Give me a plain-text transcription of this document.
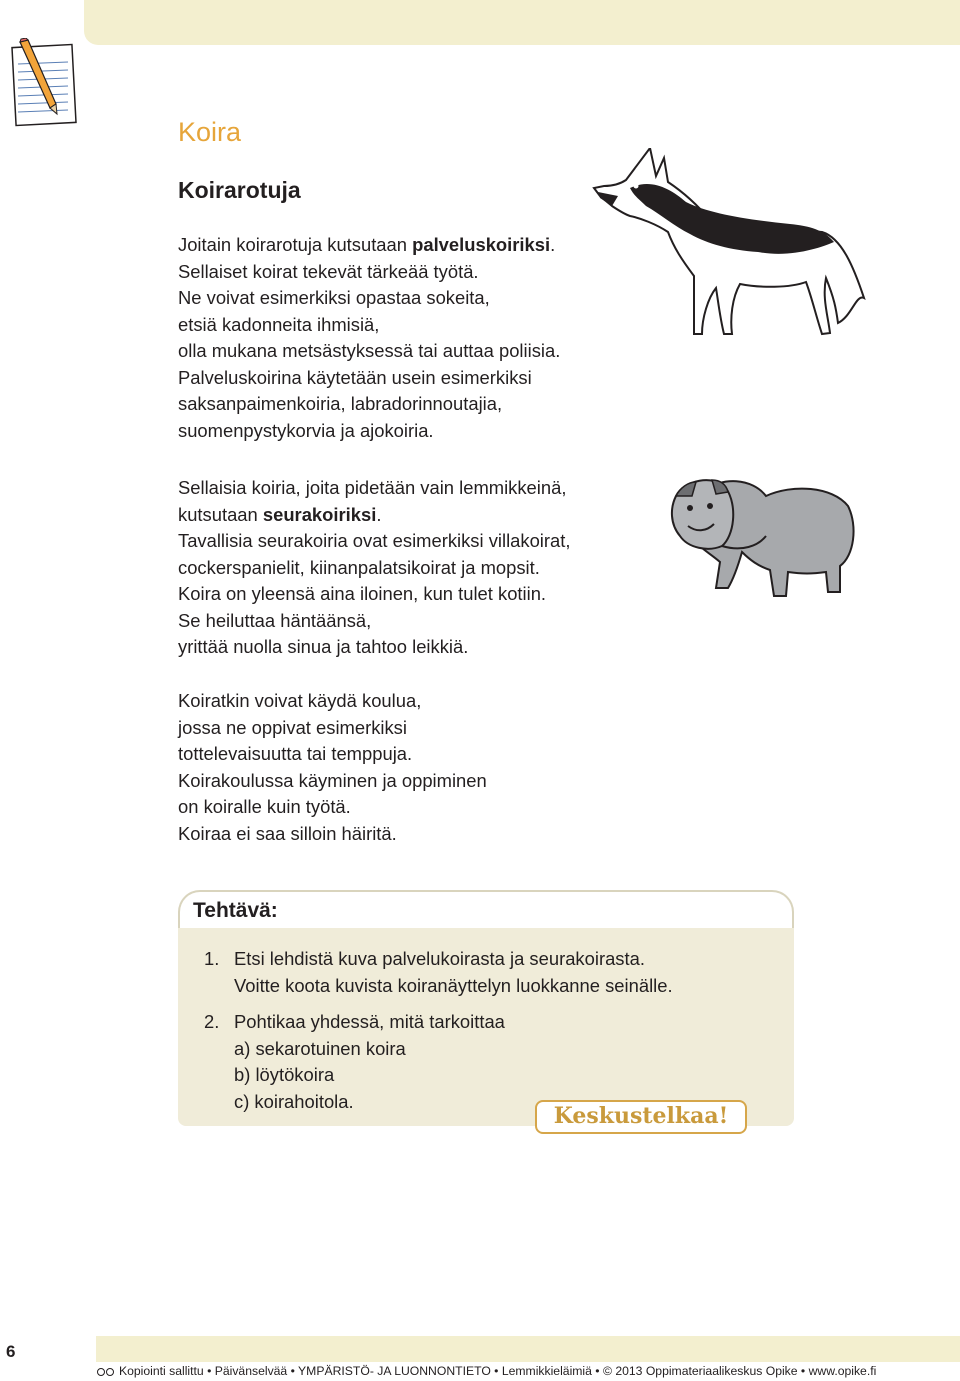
Koira
Koirarotuja
Joitain koirarotuja kutsutaan palveluskoiriksi.
Sellaiset koirat tekevät tärkeää työtä.
Ne voivat esimerkiksi opastaa sokeita,
etsiä kadonneita ihmisiä,
olla mukana metsästyksessä tai auttaa poliisia.
Palveluskoirina käytetään usein esimerkiksi
saksanpaimenkoiria, labradorinnoutajia,
suomenpystykorvia ja ajokoiria.
Sellaisia koiria, joita pidetään vain lemmikkeinä,
kutsutaan seurakoiriksi.
Tavallisia seurakoiria ovat esimerkiksi villakoirat,
cockerspanielit, kiinanpalatsikoirat ja mopsit.
Koira on yleensä aina iloinen, kun tulet kotiin.
Se heiluttaa häntäänsä,
yrittää nuolla sinua ja tahtoo leikkiä.
Koiratkin voivat käydä koulua,
jossa ne oppivat esimerkiksi
tottelevaisuutta tai temppuja.
Koirakoulussa käyminen ja oppiminen
on koiralle kuin työtä.
Koiraa ei saa silloin häiritä.
Tehtävä:
1. Etsi lehdistä kuva palvelukoirasta ja seurakoirasta.
Voitte koota kuvista koiranäyttelyn luokkanne seinälle.
2. Pohtikaa yhdessä, mitä tarkoittaa
a) sekarotuinen koira
b) löytökoira
c) koirahoitola.
Keskustelkaa!
6
Kopiointi sallittu • Päivänselvää • YMPÄRISTÖ- JA LUONNONTIETO • Lemmikkieläimiä • © 2013 Oppimateriaalikeskus Opike • www.opike.fi
